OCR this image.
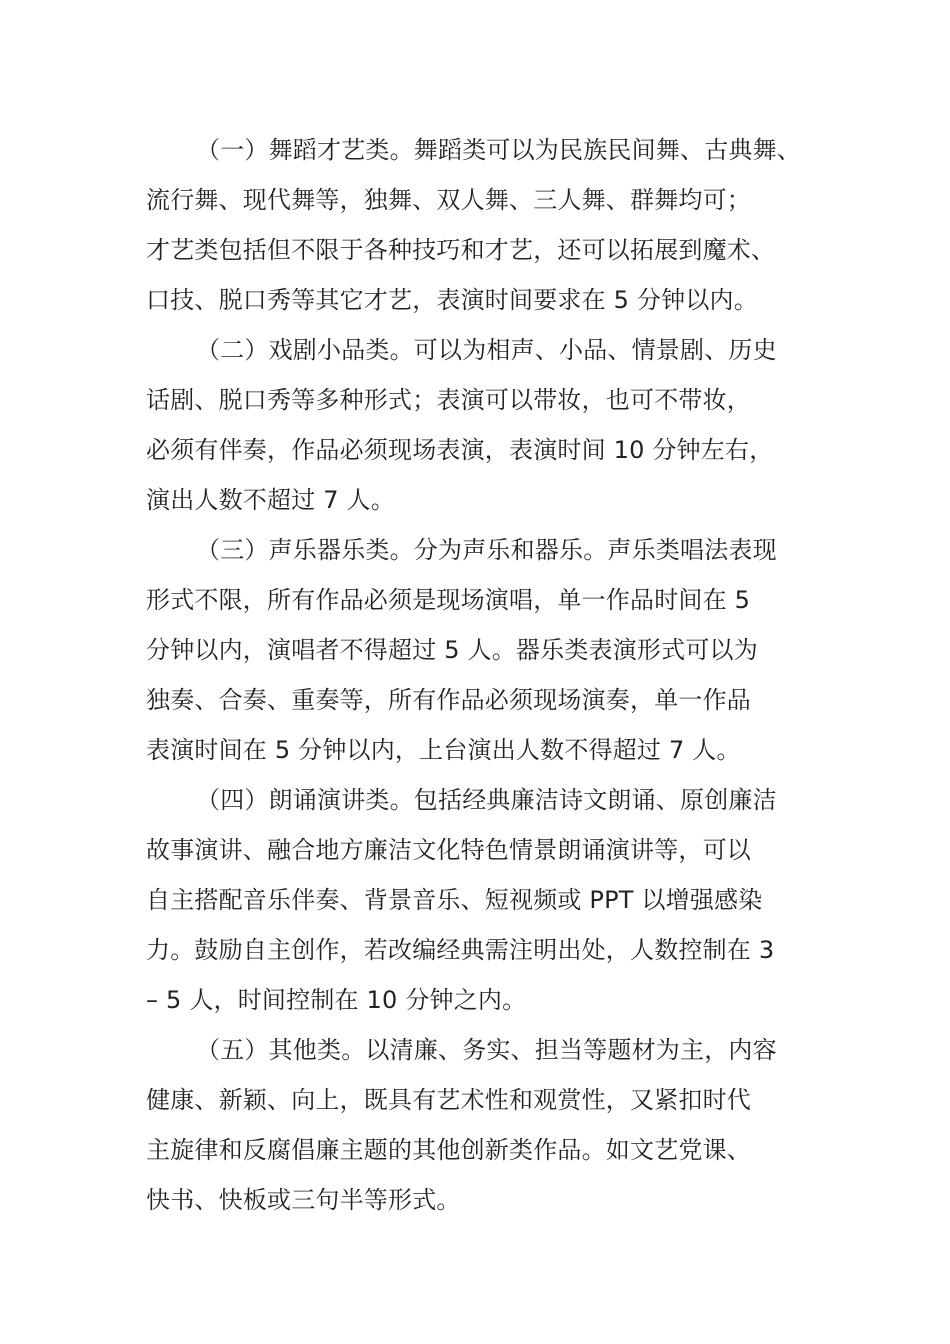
（一）舞蹈才艺类。舞蹈类可以为民族民间舞、古典舞、
流行舞、现代舞等，独舞、双人舞、三人舞、群舞均可；
才艺类包括但不限于各种技巧和才艺，还可以拓展到魔术、
口技、脱口秀等其它才艺，表演时间要求在 5 分钟以内。
（二）戏剧小品类。可以为相声、小品、情景剧、历史
话剧、脱口秀等多种形式；表演可以带妆，也可不带妆，
必须有伴奏，作品必须现场表演，表演时间 10 分钟左右，
演出人数不超过 7 人。
（三）声乐器乐类。分为声乐和器乐。声乐类唱法表现
形式不限，所有作品必须是现场演唱，单一作品时间在 5
分钟以内，演唱者不得超过 5 人。器乐类表演形式可以为
独奏、合奏、重奏等，所有作品必须现场演奏，单一作品
表演时间在 5 分钟以内，上台演出人数不得超过 7 人。
（四）朗诵演讲类。包括经典廉洁诗文朗诵、原创廉洁
故事演讲、融合地方廉洁文化特色情景朗诵演讲等，可以
自主搭配音乐伴奏、背景音乐、短视频或 PPT 以增强感染
力。鼓励自主创作，若改编经典需注明出处，人数控制在 3
– 5 人，时间控制在 10 分钟之内。
（五）其他类。以清廉、务实、担当等题材为主，内容
健康、新颖、向上，既具有艺术性和观赏性，又紧扣时代
主旋律和反腐倡廉主题的其他创新类作品。如文艺党课、
快书、快板或三句半等形式。
